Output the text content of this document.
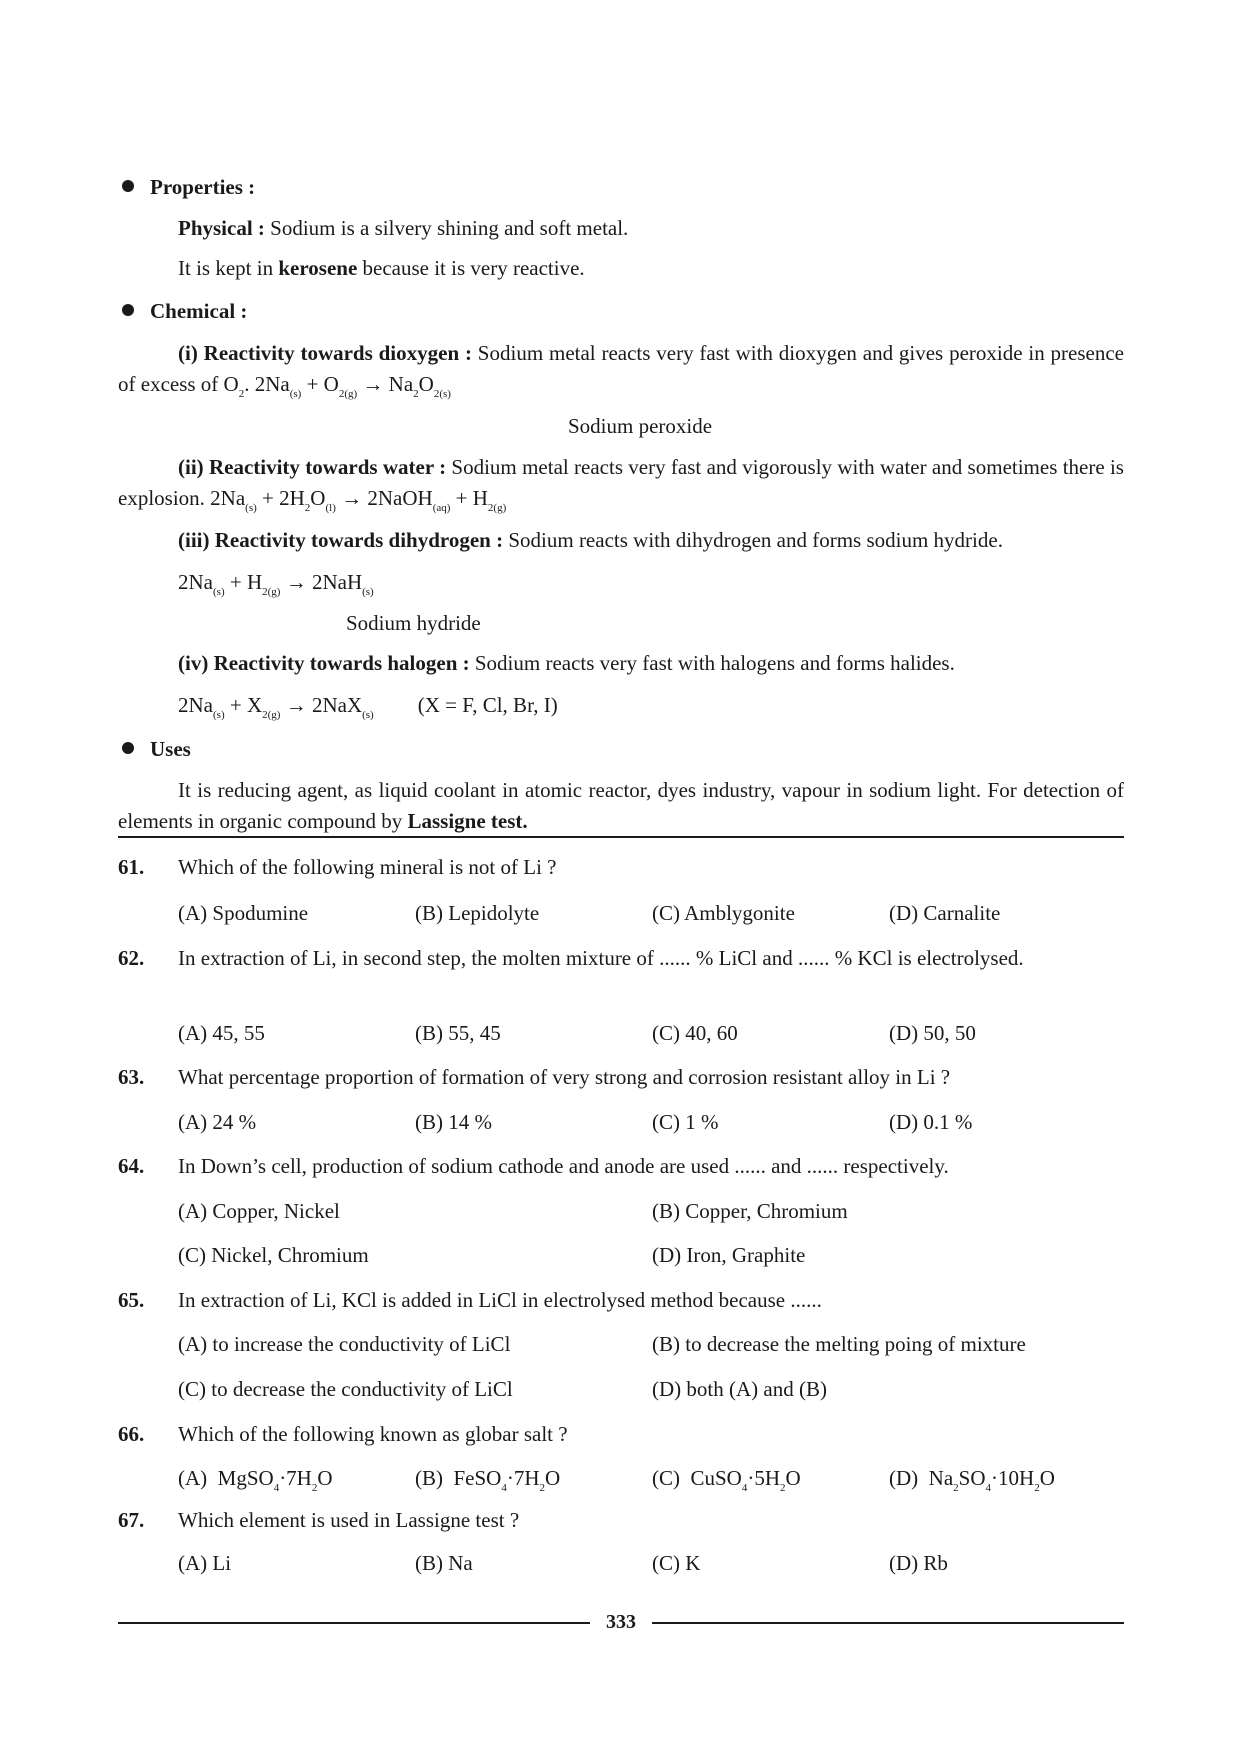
Properties :
Physical : Sodium is a silvery shining and soft metal.
It is kept in kerosene because it is very reactive.
Chemical :
(i) Reactivity towards dioxygen : Sodium metal reacts very fast with dioxygen and gives peroxide in presence of excess of $O_2$. $2Na_{(s)} + O_{2(g)} \to Na_2O_{2(s)}$
Sodium peroxide
(ii) Reactivity towards water : Sodium metal reacts very fast and vigorously with water and sometimes there is explosion. $2Na_{(s)} + 2H_2O_{(l)}$ → 2NaOH$_{(aq)}$ + $H_{2(g)}$
(iii) Reactivity towards dihydrogen : Sodium reacts with dihydrogen and forms sodium hydride.
$2Na_{(s)} + H_{2(g)} \to 2NaH_{(s)}$
Sodium hydride
(iv) Reactivity towards halogen : Sodium reacts very fast with halogens and forms halides.
$2Na_{(s)} + X_{2(g)} \to 2NaX_{(s)}$ (X = F, Cl, Br, I)
Uses
It is reducing agent, as liquid coolant in atomic reactor, dyes industry, vapour in sodium light. For detection of elements in organic compound by Lassigne test.
61. Which of the following mineral is not of Li ?
(A) Spodumine	(B) Lepidolyte	(C) Amblygonite	(D) Carnalite
62. In extraction of Li, in second step, the molten mixture of ...... % LiCl and ...... % KCl is electrolysed.
(A) 45, 55	(B) 55, 45	(C) 40, 60	(D) 50, 50
63. What percentage proportion of formation of very strong and corrosion resistant alloy in Li ?
(A) 24 %	(B) 14 %	(C) 1 %	(D) 0.1 %
64. In Down’s cell, production of sodium cathode and anode are used ...... and ...... respectively.
(A) Copper, Nickel	(B) Copper, Chromium
(C) Nickel, Chromium	(D) Iron, Graphite
65. In extraction of Li, KCl is added in LiCl in electrolysed method because ......
(A) to increase the conductivity of LiCl	(B) to decrease the melting poing of mixture
(C) to decrease the conductivity of LiCl	(D) both (A) and (B)
66. Which of the following known as globar salt ?
(A)  $MgSO_4\cdot 7H_2O$	(B)  $FeSO_4\cdot 7H_2O$	(C)  $CuSO_4\cdot 5H_2O$	(D)  $Na_2SO_4\cdot 10H_2O$
67. Which element is used in Lassigne test ?
(A) Li	(B) Na	(C) K	(D) Rb
333
